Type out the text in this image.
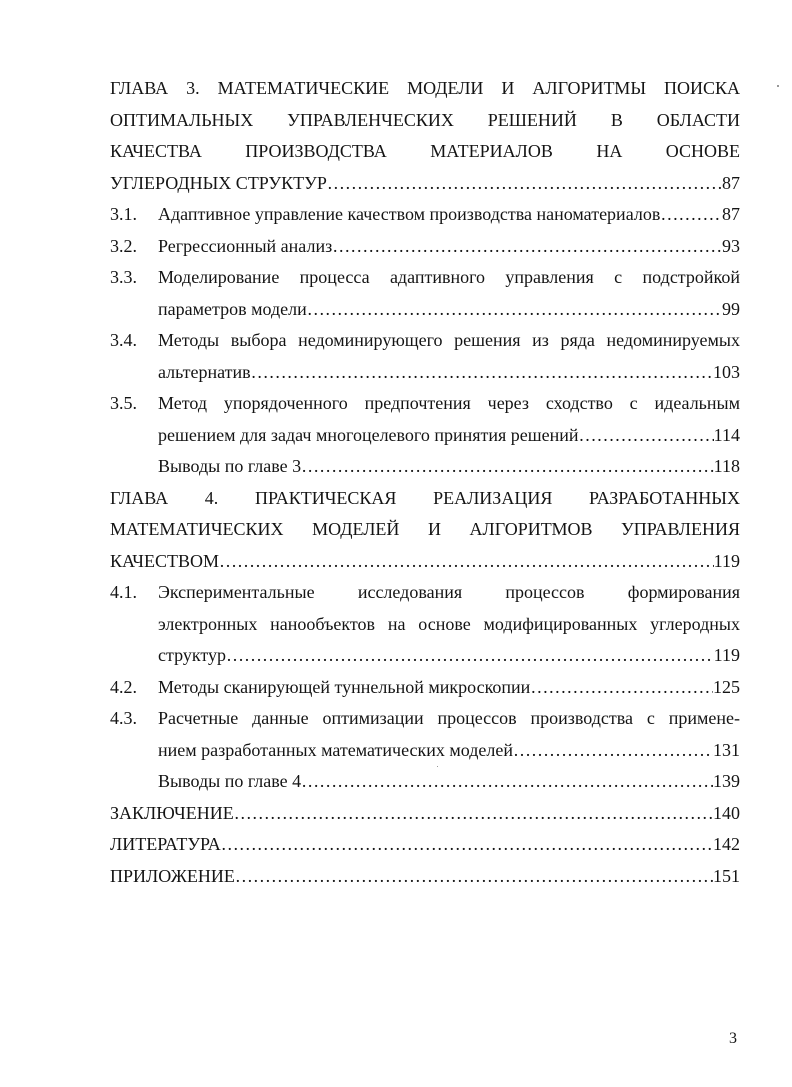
ГЛАВА 3. МАТЕМАТИЧЕСКИЕ МОДЕЛИ И АЛГОРИТМЫ ПОИСКА
ОПТИМАЛЬНЫХ УПРАВЛЕНЧЕСКИХ РЕШЕНИЙ В ОБЛАСТИ
КАЧЕСТВА ПРОИЗВОДСТВА МАТЕРИАЛОВ НА ОСНОВЕ
УГЛЕРОДНЫХ СТРУКТУР …………………………………………………………………………………………………………………………………………………………	87
3.1.	Адаптивное управление качеством производства наноматериалов …………………………………………………………………………………………………………………………………………………………	87
3.2.	Регрессионный анализ …………………………………………………………………………………………………………………………………………………………	93
3.3.	Моделирование процесса адаптивного управления с подстройкой
параметров модели …………………………………………………………………………………………………………………………………………………………	99
3.4.	Методы выбора недоминирующего решения из ряда недоминируемых
альтернатив …………………………………………………………………………………………………………………………………………………………	103
3.5.	Метод упорядоченного предпочтения через сходство с идеальным
решением для задач многоцелевого принятия решений …………………………………………………………………………………………………………………………………………………………	114
Выводы по главе 3 …………………………………………………………………………………………………………………………………………………………	118
ГЛАВА 4. ПРАКТИЧЕСКАЯ РЕАЛИЗАЦИЯ РАЗРАБОТАННЫХ
МАТЕМАТИЧЕСКИХ МОДЕЛЕЙ И АЛГОРИТМОВ УПРАВЛЕНИЯ
КАЧЕСТВОМ …………………………………………………………………………………………………………………………………………………………	119
4.1.	Экспериментальные исследования процессов формирования
электронных нанообъектов на основе модифицированных углеродных
структур …………………………………………………………………………………………………………………………………………………………	119
4.2.	Методы сканирующей туннельной микроскопии …………………………………………………………………………………………………………………………………………………………	125
4.3.	Расчетные данные оптимизации процессов производства с примене-
нием разработанных математических моделей …………………………………………………………………………………………………………………………………………………………	131
Выводы по главе 4 …………………………………………………………………………………………………………………………………………………………	139
ЗАКЛЮЧЕНИЕ …………………………………………………………………………………………………………………………………………………………	140
ЛИТЕРАТУРА …………………………………………………………………………………………………………………………………………………………	142
ПРИЛОЖЕНИЕ …………………………………………………………………………………………………………………………………………………………	151
3
